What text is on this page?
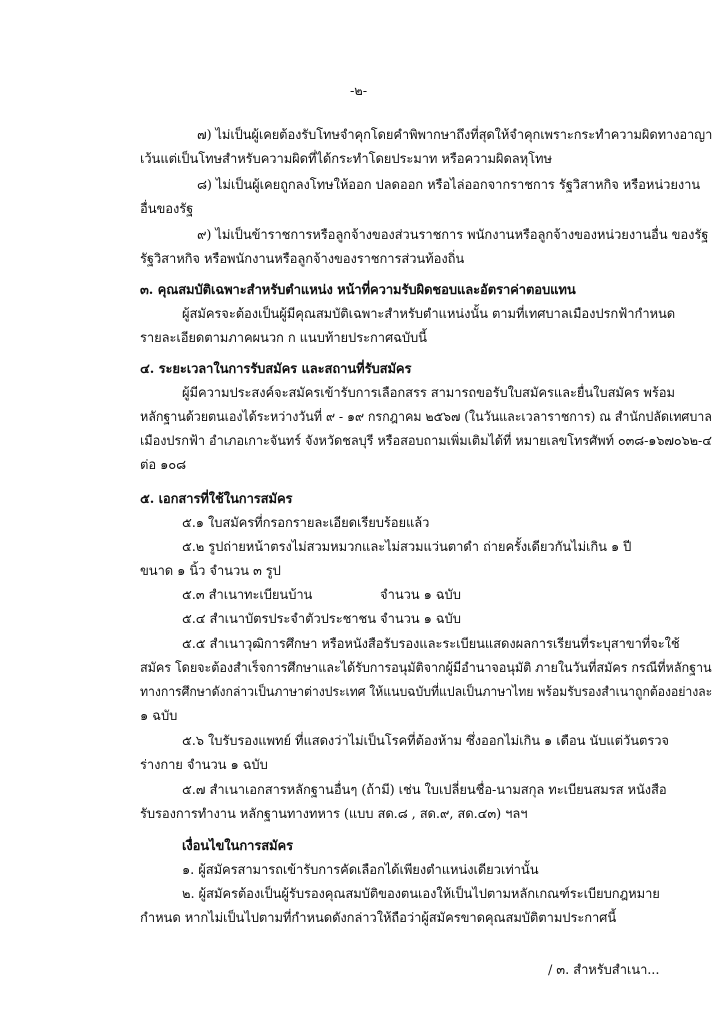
-๒-
๗) ไม่เป็นผู้เคยต้องรับโทษจำคุกโดยคำพิพากษาถึงที่สุดให้จำคุกเพราะกระทำความผิดทางอาญา
เว้นแต่เป็นโทษสำหรับความผิดที่ได้กระทำโดยประมาท หรือความผิดลหุโทษ
๘) ไม่เป็นผู้เคยถูกลงโทษให้ออก ปลดออก หรือไล่ออกจากราชการ รัฐวิสาหกิจ หรือหน่วยงาน
อื่นของรัฐ
๙) ไม่เป็นข้าราชการหรือลูกจ้างของส่วนราชการ พนักงานหรือลูกจ้างของหน่วยงานอื่น ของรัฐ
รัฐวิสาหกิจ หรือพนักงานหรือลูกจ้างของราชการส่วนท้องถิ่น
๓. คุณสมบัติเฉพาะสำหรับตำแหน่ง หน้าที่ความรับผิดชอบและอัตราค่าตอบแทน
ผู้สมัครจะต้องเป็นผู้มีคุณสมบัติเฉพาะสำหรับตำแหน่งนั้น ตามที่เทศบาลเมืองปรกฟ้ากำหนด
รายละเอียดตามภาคผนวก ก แนบท้ายประกาศฉบับนี้
๔. ระยะเวลาในการรับสมัคร และสถานที่รับสมัคร
ผู้มีความประสงค์จะสมัครเข้ารับการเลือกสรร สามารถขอรับใบสมัครและยื่นใบสมัคร พร้อม
หลักฐานด้วยตนเองได้ระหว่างวันที่ ๙ - ๑๙ กรกฎาคม ๒๕๖๗ (ในวันและเวลาราชการ) ณ สำนักปลัดเทศบาล
เมืองปรกฟ้า อำเภอเกาะจันทร์ จังหวัดชลบุรี หรือสอบถามเพิ่มเติมได้ที่ หมายเลขโทรศัพท์ ๐๓๘-๑๖๗๐๖๒-๔
ต่อ ๑๐๘
๕. เอกสารที่ใช้ในการสมัคร
๕.๑ ใบสมัครที่กรอกรายละเอียดเรียบร้อยแล้ว
๕.๒ รูปถ่ายหน้าตรงไม่สวมหมวกและไม่สวมแว่นตาดำ ถ่ายครั้งเดียวกันไม่เกิน ๑ ปี
ขนาด ๑ นิ้ว จำนวน ๓ รูป
๕.๓ สำเนาทะเบียนบ้าน	จำนวน ๑ ฉบับ
๕.๔ สำเนาบัตรประจำตัวประชาชน จำนวน ๑ ฉบับ
๕.๕ สำเนาวุฒิการศึกษา หรือหนังสือรับรองและระเบียนแสดงผลการเรียนที่ระบุสาขาที่จะใช้
สมัคร โดยจะต้องสำเร็จการศึกษาและได้รับการอนุมัติจากผู้มีอำนาจอนุมัติ ภายในวันที่สมัคร กรณีที่หลักฐาน
ทางการศึกษาดังกล่าวเป็นภาษาต่างประเทศ ให้แนบฉบับที่แปลเป็นภาษาไทย พร้อมรับรองสำเนาถูกต้องอย่างละ
๑ ฉบับ
๕.๖ ใบรับรองแพทย์ ที่แสดงว่าไม่เป็นโรคที่ต้องห้าม ซึ่งออกไม่เกิน ๑ เดือน นับแต่วันตรวจ
ร่างกาย จำนวน ๑ ฉบับ
๕.๗ สำเนาเอกสารหลักฐานอื่นๆ (ถ้ามี) เช่น ใบเปลี่ยนชื่อ-นามสกุล ทะเบียนสมรส หนังสือ
รับรองการทำงาน หลักฐานทางทหาร (แบบ สด.๘ , สด.๙, สด.๔๓) ฯลฯ
เงื่อนไขในการสมัคร
๑. ผู้สมัครสามารถเข้ารับการคัดเลือกได้เพียงตำแหน่งเดียวเท่านั้น
๒. ผู้สมัครต้องเป็นผู้รับรองคุณสมบัติของตนเองให้เป็นไปตามหลักเกณฑ์ระเบียบกฎหมาย
กำหนด หากไม่เป็นไปตามที่กำหนดดังกล่าวให้ถือว่าผู้สมัครขาดคุณสมบัติตามประกาศนี้
/ ๓. สำหรับสำเนา...
